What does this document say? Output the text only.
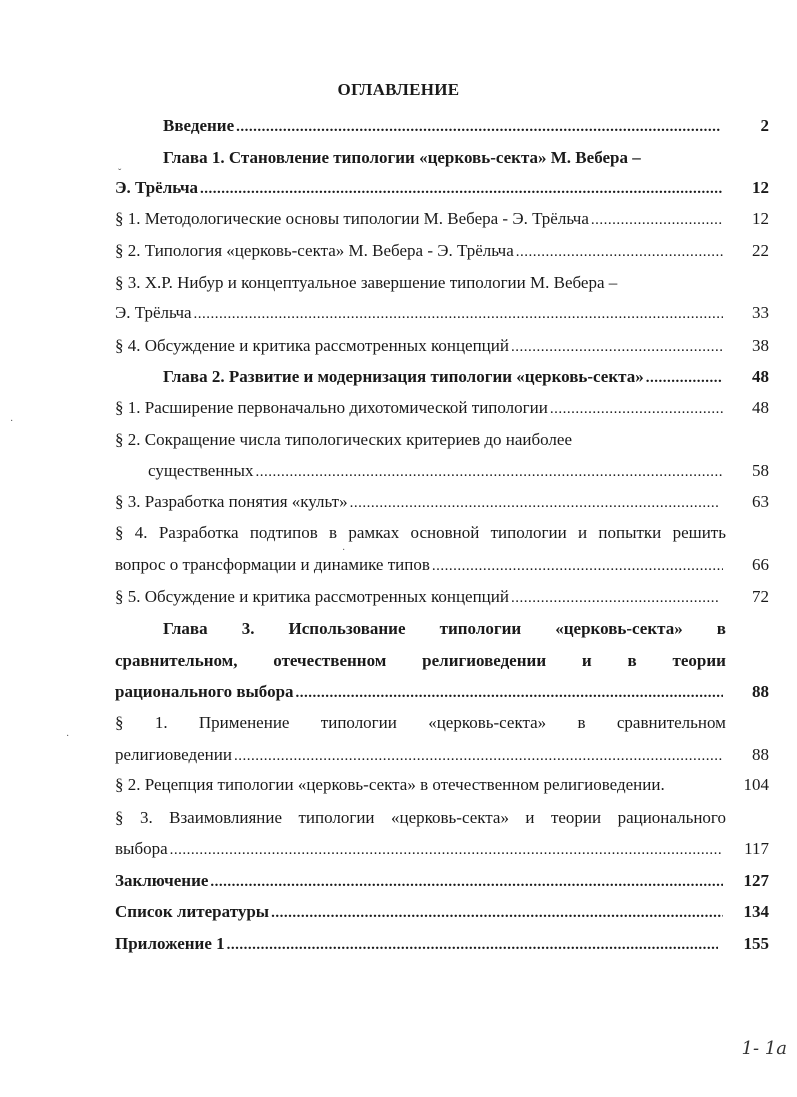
ОГЛАВЛЕНИЕ
Введение .....	2
Глава 1. Становление типологии «церковь-секта» М. Вебера –
Э. Трёльча .....	12
§ 1. Методологические основы типологии М. Вебера - Э. Трёльча .....	12
§ 2. Типология «церковь-секта» М. Вебера - Э. Трёльча .....	22
§ 3. Х.Р. Нибур и концептуальное завершение типологии М. Вебера –
Э. Трёльча .....	33
§ 4. Обсуждение и критика рассмотренных концепций .....	38
Глава 2. Развитие и модернизация типологии «церковь-секта» .....	48
§ 1. Расширение первоначально дихотомической типологии .....	48
§ 2. Сокращение числа типологических критериев до наиболее
существенных .....	58
§ 3. Разработка понятия «культ» .....	63
§ 4. Разработка подтипов в рамках основной типологии и попытки решить
вопрос о трансформации и динамике типов .....	66
§ 5. Обсуждение и критика рассмотренных концепций .....	72
Глава 3. Использование типологии «церковь-секта» в
сравнительном, отечественном религиоведении и в теории
рационального выбора .....	88
§ 1. Применение типологии «церковь-секта» в сравнительном
религиоведении .....	88
§ 2. Рецепция типологии «церковь-секта» в отечественном религиоведении.	104
§ 3. Взаимовлияние типологии «церковь-секта» и теории рационального
выбора .....	117
Заключение .....	127
Список литературы .....	134
Приложение 1 .....	155
ˇ
·
·
·
1- 1a
